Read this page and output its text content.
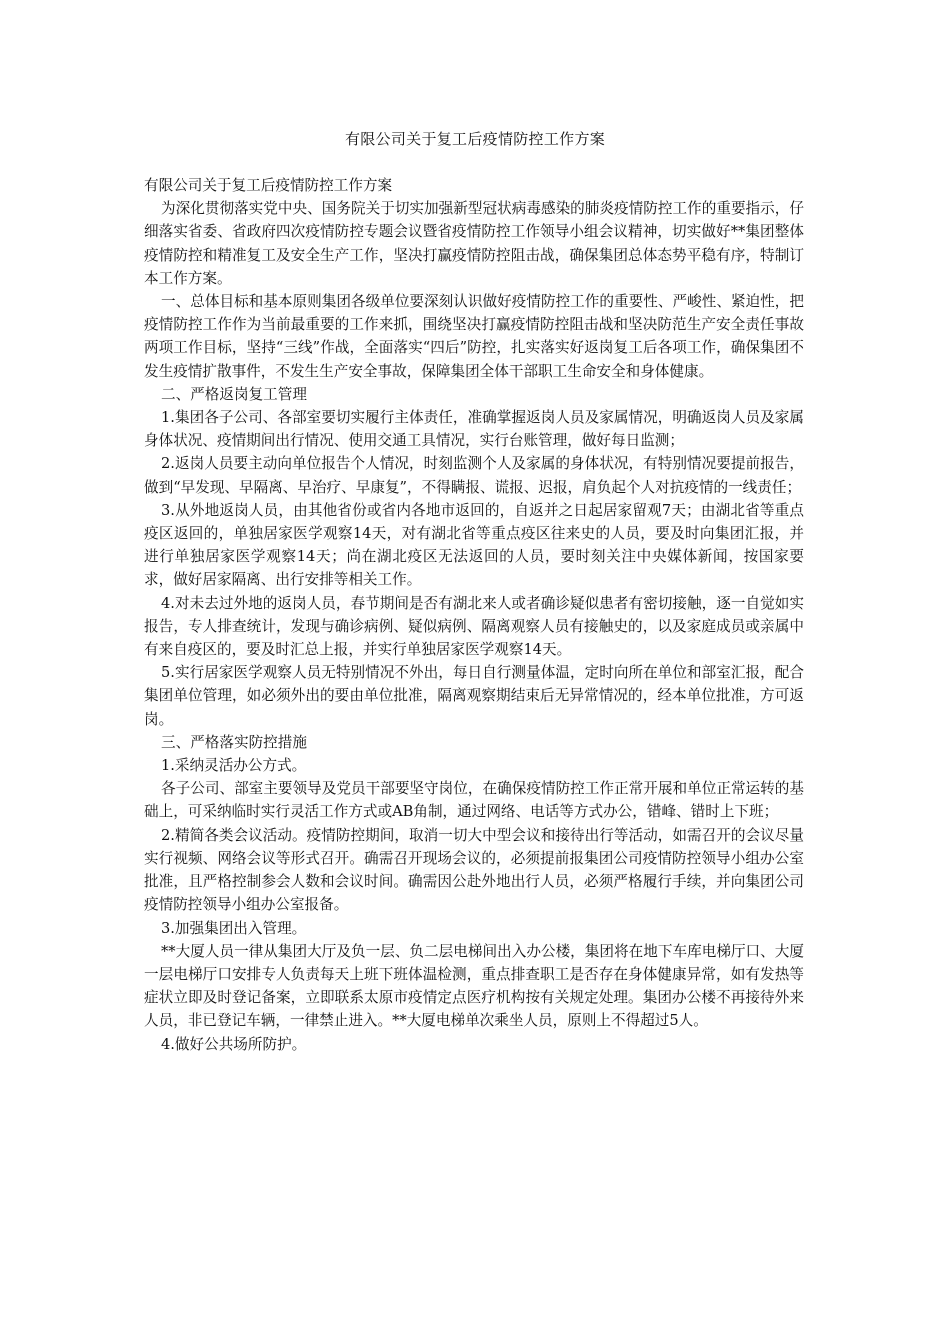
有限公司关于复工后疫情防控工作方案

有限公司关于复工后疫情防控工作方案

为深化贯彻落实党中央、国务院关于切实加强新型冠状病毒感染的肺炎疫情防控工作的重要指示，仔细落实省委、省政府四次疫情防控专题会议暨省疫情防控工作领导小组会议精神，切实做好**集团整体疫情防控和精准复工及安全生产工作，坚决打赢疫情防控阻击战，确保集团总体态势平稳有序，特制订本工作方案。

一、总体目标和基本原则集团各级单位要深刻认识做好疫情防控工作的重要性、严峻性、紧迫性，把疫情防控工作作为当前最重要的工作来抓，围绕坚决打赢疫情防控阻击战和坚决防范生产安全责任事故两项工作目标，坚持“三线”作战，全面落实“四后”防控，扎实落实好返岗复工后各项工作，确保集团不发生疫情扩散事件，不发生生产安全事故，保障集团全体干部职工生命安全和身体健康。

二、严格返岗复工管理

1.集团各子公司、各部室要切实履行主体责任，准确掌握返岗人员及家属情况，明确返岗人员及家属身体状况、疫情期间出行情况、使用交通工具情况，实行台账管理，做好每日监测；

2.返岗人员要主动向单位报告个人情况，时刻监测个人及家属的身体状况，有特别情况要提前报告，做到“早发现、早隔离、早治疗、早康复”，不得瞒报、谎报、迟报，肩负起个人对抗疫情的一线责任；

3.从外地返岗人员，由其他省份或省内各地市返回的，自返并之日起居家留观7天；由湖北省等重点疫区返回的，单独居家医学观察14天，对有湖北省等重点疫区往来史的人员，要及时向集团汇报，并进行单独居家医学观察14天；尚在湖北疫区无法返回的人员，要时刻关注中央媒体新闻，按国家要求，做好居家隔离、出行安排等相关工作。

4.对未去过外地的返岗人员，春节期间是否有湖北来人或者确诊疑似患者有密切接触，逐一自觉如实报告，专人排查统计，发现与确诊病例、疑似病例、隔离观察人员有接触史的，以及家庭成员或亲属中有来自疫区的，要及时汇总上报，并实行单独居家医学观察14天。

5.实行居家医学观察人员无特别情况不外出，每日自行测量体温，定时向所在单位和部室汇报，配合集团单位管理，如必须外出的要由单位批准，隔离观察期结束后无异常情况的，经本单位批准，方可返岗。

三、严格落实防控措施

1.采纳灵活办公方式。

各子公司、部室主要领导及党员干部要坚守岗位，在确保疫情防控工作正常开展和单位正常运转的基础上，可采纳临时实行灵活工作方式或AB角制，通过网络、电话等方式办公，错峰、错时上下班；

2.精简各类会议活动。疫情防控期间，取消一切大中型会议和接待出行等活动，如需召开的会议尽量实行视频、网络会议等形式召开。确需召开现场会议的，必须提前报集团公司疫情防控领导小组办公室批准，且严格控制参会人数和会议时间。确需因公赴外地出行人员，必须严格履行手续，并向集团公司疫情防控领导小组办公室报备。

3.加强集团出入管理。

**大厦人员一律从集团大厅及负一层、负二层电梯间出入办公楼，集团将在地下车库电梯厅口、大厦一层电梯厅口安排专人负责每天上班下班体温检测，重点排查职工是否存在身体健康异常，如有发热等症状立即及时登记备案，立即联系太原市疫情定点医疗机构按有关规定处理。集团办公楼不再接待外来人员，非已登记车辆，一律禁止进入。**大厦电梯单次乘坐人员，原则上不得超过5人。

4.做好公共场所防护。
